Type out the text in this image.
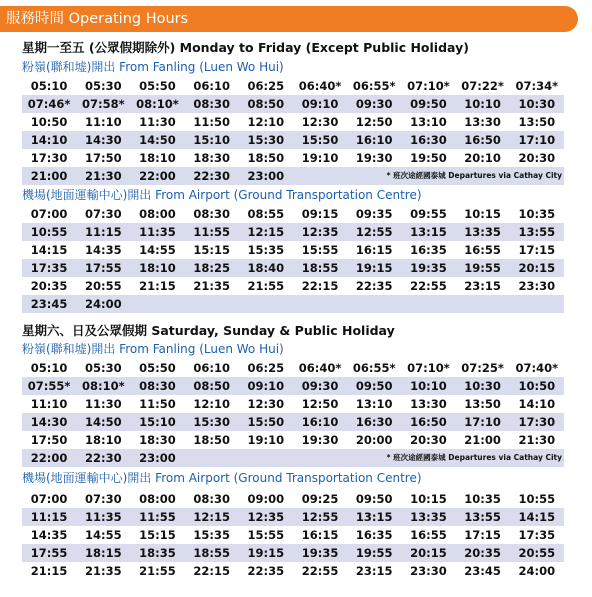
服務時間 Operating Hours
星期一至五 (公眾假期除外) Monday to Friday (Except Public Holiday)
粉嶺(聯和墟)開出 From Fanling (Luen Wo Hui)
05:10	05:30	05:50	06:10	06:25	06:40*	06:55*	07:10*	07:22*	07:34*
07:46*	07:58*	08:10*	08:30	08:50	09:10	09:30	09:50	10:10	10:30
10:50	11:10	11:30	11:50	12:10	12:30	12:50	13:10	13:30	13:50
14:10	14:30	14:50	15:10	15:30	15:50	16:10	16:30	16:50	17:10
17:30	17:50	18:10	18:30	18:50	19:10	19:30	19:50	20:10	20:30
21:00	21:30	22:00	22:30	23:00	* 班次途經國泰城 Departures via Cathay City				
機場(地面運輸中心)開出 From Airport (Ground Transportation Centre)
07:00	07:30	08:00	08:30	08:55	09:15	09:35	09:55	10:15	10:35
10:55	11:15	11:35	11:55	12:15	12:35	12:55	13:15	13:35	13:55
14:15	14:35	14:55	15:15	15:35	15:55	16:15	16:35	16:55	17:15
17:35	17:55	18:10	18:25	18:40	18:55	19:15	19:35	19:55	20:15
20:35	20:55	21:15	21:35	21:55	22:15	22:35	22:55	23:15	23:30
23:45	24:00								
星期六、日及公眾假期 Saturday, Sunday & Public Holiday
粉嶺(聯和墟)開出 From Fanling (Luen Wo Hui)
05:10	05:30	05:50	06:10	06:25	06:40*	06:55*	07:10*	07:25*	07:40*
07:55*	08:10*	08:30	08:50	09:10	09:30	09:50	10:10	10:30	10:50
11:10	11:30	11:50	12:10	12:30	12:50	13:10	13:30	13:50	14:10
14:30	14:50	15:10	15:30	15:50	16:10	16:30	16:50	17:10	17:30
17:50	18:10	18:30	18:50	19:10	19:30	20:00	20:30	21:00	21:30
22:00	22:30	23:00	* 班次途經國泰城 Departures via Cathay City						
機場(地面運輸中心)開出 From Airport (Ground Transportation Centre)
07:00	07:30	08:00	08:30	09:00	09:25	09:50	10:15	10:35	10:55
11:15	11:35	11:55	12:15	12:35	12:55	13:15	13:35	13:55	14:15
14:35	14:55	15:15	15:35	15:55	16:15	16:35	16:55	17:15	17:35
17:55	18:15	18:35	18:55	19:15	19:35	19:55	20:15	20:35	20:55
21:15	21:35	21:55	22:15	22:35	22:55	23:15	23:30	23:45	24:00
